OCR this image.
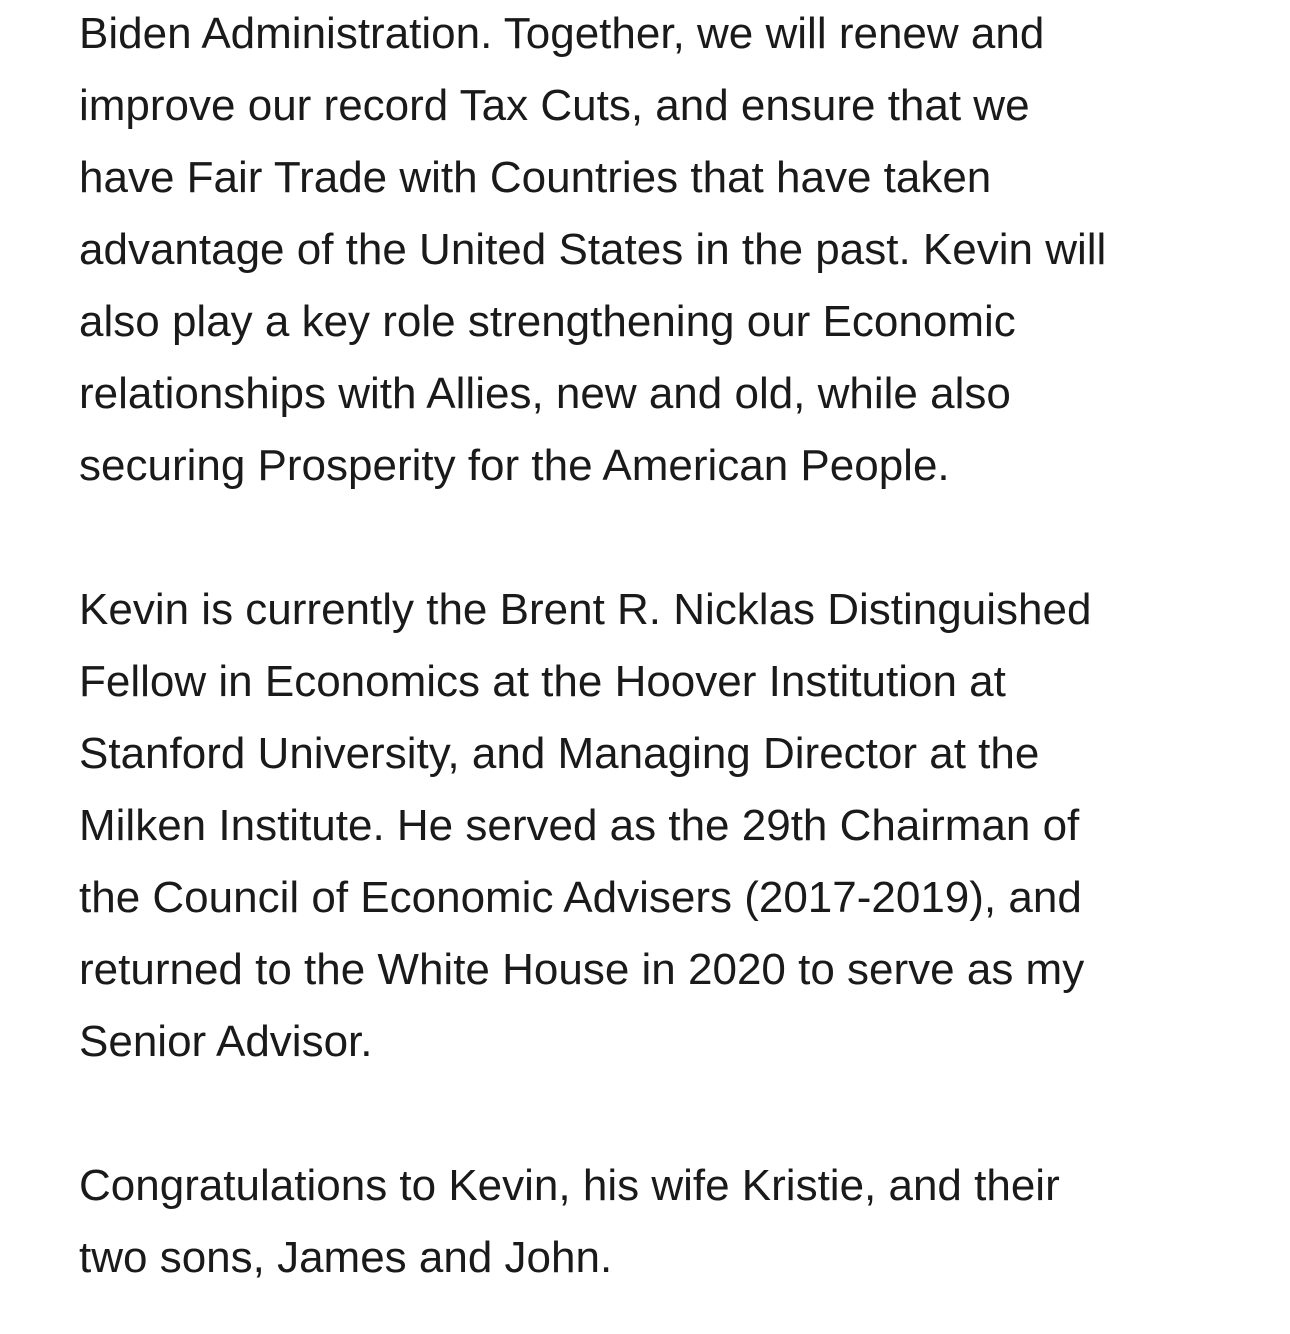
Biden Administration. Together, we will renew and
improve our record Tax Cuts, and ensure that we
have Fair Trade with Countries that have taken
advantage of the United States in the past. Kevin will
also play a key role strengthening our Economic
relationships with Allies, new and old, while also
securing Prosperity for the American People.

Kevin is currently the Brent R. Nicklas Distinguished
Fellow in Economics at the Hoover Institution at
Stanford University, and Managing Director at the
Milken Institute. He served as the 29th Chairman of
the Council of Economic Advisers (2017-2019), and
returned to the White House in 2020 to serve as my
Senior Advisor.

Congratulations to Kevin, his wife Kristie, and their
two sons, James and John.
